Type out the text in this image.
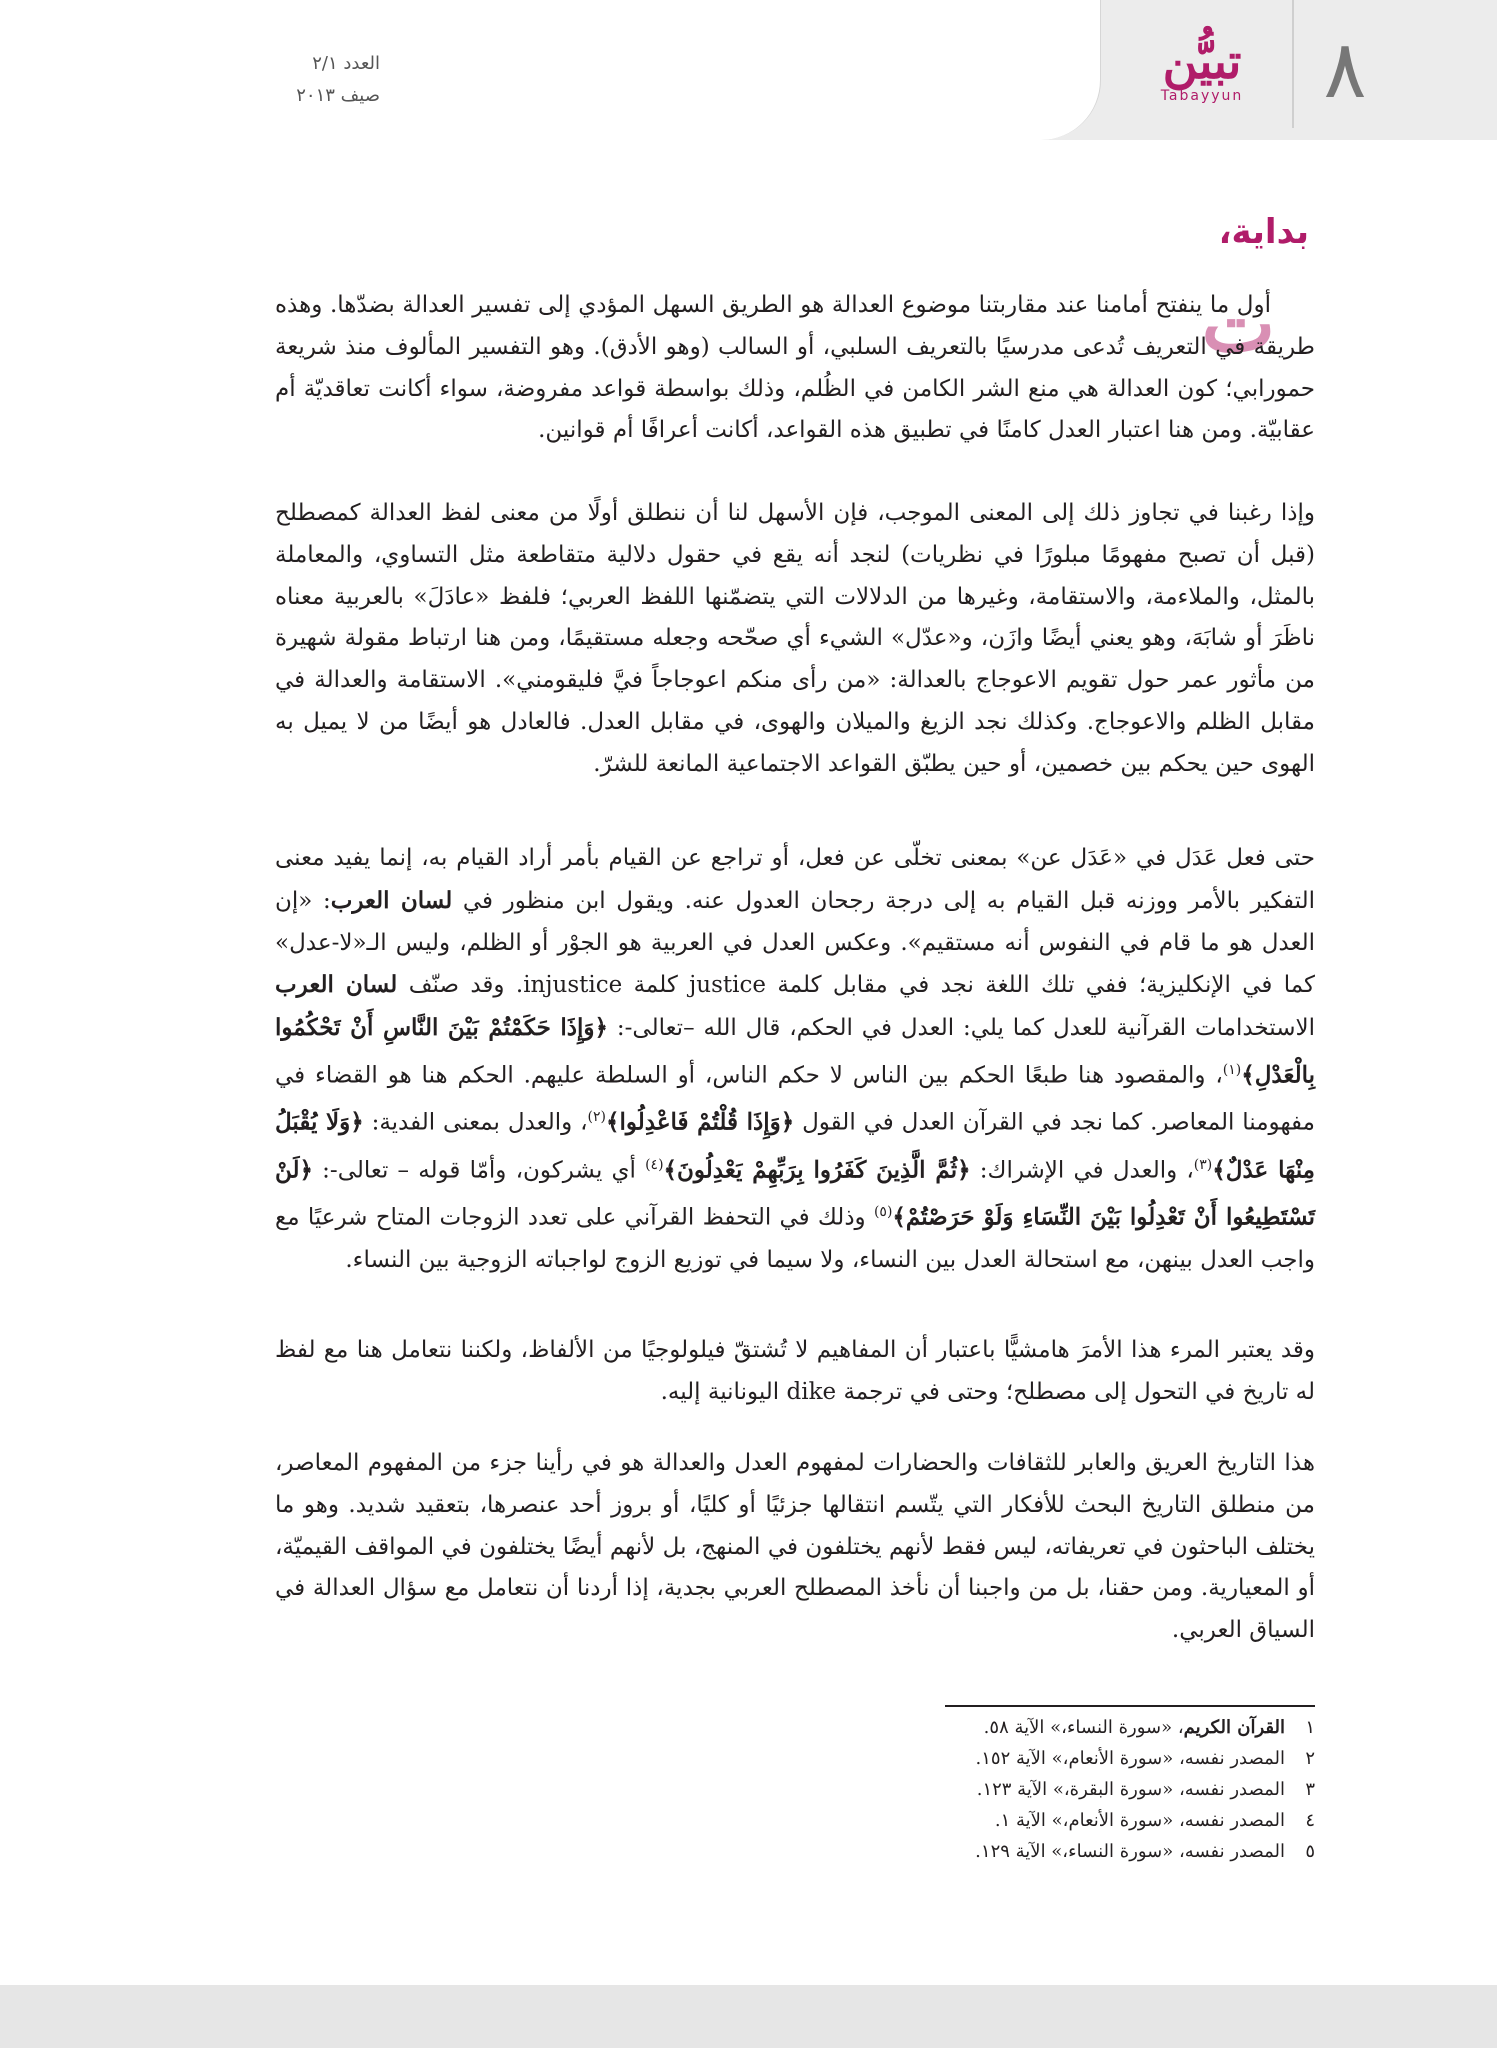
٨
تبيُّن
Tabayyun
العدد ٢/١
صيف ٢٠١٣
بداية،
ت

أول ما ينفتح أمامنا عند مقاربتنا موضوع العدالة هو الطريق السهل المؤدي إلى تفسير العدالة بضدّها. وهذه طريقة في التعريف تُدعى مدرسيًا بالتعريف السلبي، أو السالب (وهو الأدق). وهو التفسير المألوف منذ شريعة حمورابي؛ كون العدالة هي منع الشر الكامن في الظُلم، وذلك بواسطة قواعد مفروضة، سواء أكانت تعاقديّة أم عقابيّة. ومن هنا اعتبار العدل كامنًا في تطبيق هذه القواعد، أكانت أعرافًا أم قوانين.

وإذا رغبنا في تجاوز ذلك إلى المعنى الموجب، فإن الأسهل لنا أن ننطلق أولًا من معنى لفظ العدالة كمصطلح (قبل أن تصبح مفهومًا مبلورًا في نظريات) لنجد أنه يقع في حقول دلالية متقاطعة مثل التساوي، والمعاملة بالمثل، والملاءمة، والاستقامة، وغيرها من الدلالات التي يتضمّنها اللفظ العربي؛ فلفظ «عادَلَ» بالعربية معناه ناظَرَ أو شابَهَ، وهو يعني أيضًا وازَن، و«عدّل» الشيء أي صحّحه وجعله مستقيمًا، ومن هنا ارتباط مقولة شهيرة من مأثور عمر حول تقويم الاعوجاج بالعدالة: «من رأى منكم اعوجاجاً فيَّ فليقومني». الاستقامة والعدالة في مقابل الظلم والاعوجاج. وكذلك نجد الزيغ والميلان والهوى، في مقابل العدل. فالعادل هو أيضًا من لا يميل به الهوى حين يحكم بين خصمين، أو حين يطبّق القواعد الاجتماعية المانعة للشرّ.

حتى فعل عَدَل في «عَدَل عن» بمعنى تخلّى عن فعل، أو تراجع عن القيام بأمر أراد القيام به، إنما يفيد معنى التفكير بالأمر ووزنه قبل القيام به إلى درجة رجحان العدول عنه. ويقول ابن منظور في لسان العرب: «إن العدل هو ما قام في النفوس أنه مستقيم». وعكس العدل في العربية هو الجوْر أو الظلم، وليس الـ«لا-عدل» كما في الإنكليزية؛ ففي تلك اللغة نجد في مقابل كلمة justice كلمة injustice. وقد صنّف لسان العرب الاستخدامات القرآنية للعدل كما يلي: العدل في الحكم، قال الله –تعالى-: ﴿وَإِذَا حَكَمْتُمْ بَيْنَ النَّاسِ أَنْ تَحْكُمُوا بِالْعَدْلِ﴾$^{(١)}$، والمقصود هنا طبعًا الحكم بين الناس لا حكم الناس، أو السلطة عليهم. الحكم هنا هو القضاء في مفهومنا المعاصر. كما نجد في القرآن العدل في القول ﴿وَإِذَا قُلْتُمْ فَاعْدِلُوا﴾$^{(٢)}$، والعدل بمعنى الفدية: ﴿وَلَا يُقْبَلُ مِنْهَا عَدْلٌ﴾$^{(٣)}$، والعدل في الإشراك: ﴿ثُمَّ الَّذِينَ كَفَرُوا بِرَبِّهِمْ يَعْدِلُونَ﴾$^{(٤)}$ أي يشركون، وأمّا قوله – تعالى-: ﴿لَنْ تَسْتَطِيعُوا أَنْ تَعْدِلُوا بَيْنَ النِّسَاءِ وَلَوْ حَرَصْتُمْ﴾$^{(٥)}$ وذلك في التحفظ القرآني على تعدد الزوجات المتاح شرعيًا مع واجب العدل بينهن، مع استحالة العدل بين النساء، ولا سيما في توزيع الزوج لواجباته الزوجية بين النساء.

وقد يعتبر المرء هذا الأمرَ هامشيًّا باعتبار أن المفاهيم لا تُشتقّ فيلولوجيًا من الألفاظ، ولكننا نتعامل هنا مع لفظ له تاريخ في التحول إلى مصطلح؛ وحتى في ترجمة dike اليونانية إليه.

هذا التاريخ العريق والعابر للثقافات والحضارات لمفهوم العدل والعدالة هو في رأينا جزء من المفهوم المعاصر، من منطلق التاريخ البحث للأفكار التي يتّسم انتقالها جزئيًا أو كليًا، أو بروز أحد عنصرها، بتعقيد شديد. وهو ما يختلف الباحثون في تعريفاته، ليس فقط لأنهم يختلفون في المنهج، بل لأنهم أيضًا يختلفون في المواقف القيميّة، أو المعيارية. ومن حقنا، بل من واجبنا أن نأخذ المصطلح العربي بجدية، إذا أردنا أن نتعامل مع سؤال العدالة في السياق العربي.

١القرآن الكريم، «سورة النساء،» الآية ٥٨.
٢المصدر نفسه، «سورة الأنعام،» الآية ١٥٢.
٣المصدر نفسه، «سورة البقرة،» الآية ١٢٣.
٤المصدر نفسه، «سورة الأنعام،» الآية ١.
٥المصدر نفسه، «سورة النساء،» الآية ١٢٩.
